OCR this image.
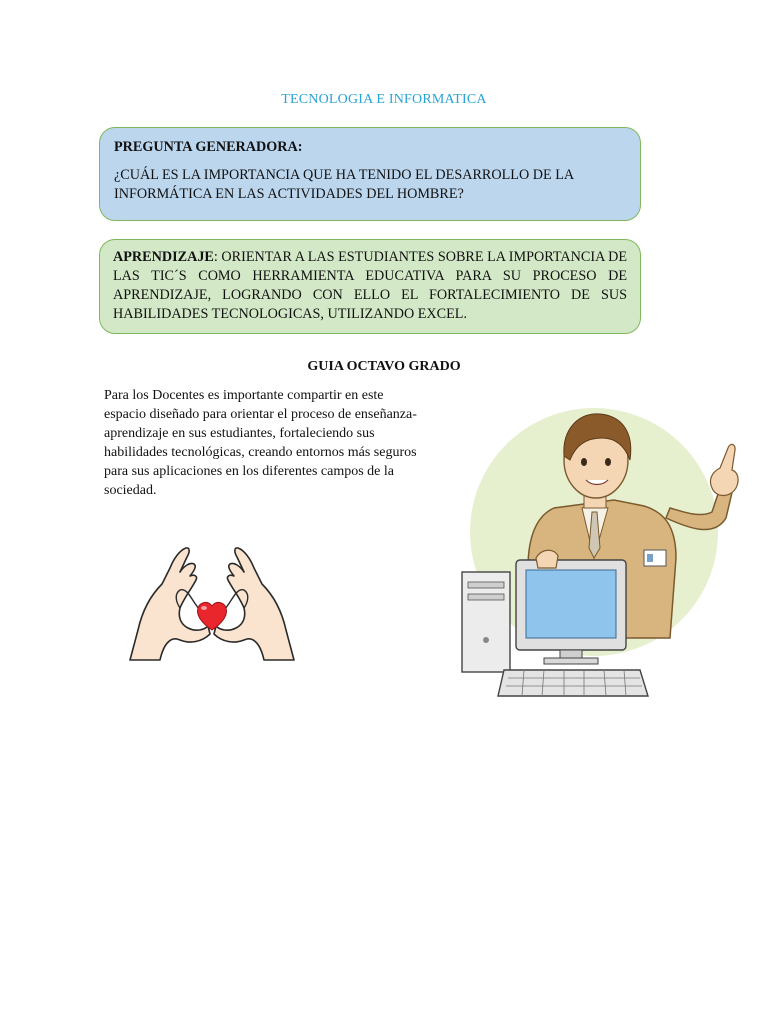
TECNOLOGIA E INFORMATICA
PREGUNTA GENERADORA:
¿CUÁL ES LA IMPORTANCIA QUE HA TENIDO EL DESARROLLO DE LA INFORMÁTICA EN LAS ACTIVIDADES DEL HOMBRE?
APRENDIZAJE: ORIENTAR A LAS ESTUDIANTES SOBRE LA IMPORTANCIA DE LAS TIC´S COMO HERRAMIENTA EDUCATIVA PARA SU PROCESO DE APRENDIZAJE, LOGRANDO CON ELLO EL FORTALECIMIENTO DE SUS HABILIDADES TECNOLOGICAS, UTILIZANDO EXCEL.
GUIA OCTAVO GRADO
Para los Docentes es importante compartir en este espacio diseñado para orientar el proceso de enseñanza- aprendizaje en sus estudiantes, fortaleciendo sus habilidades tecnológicas, creando entornos más seguros para sus aplicaciones en los diferentes campos de la sociedad.
